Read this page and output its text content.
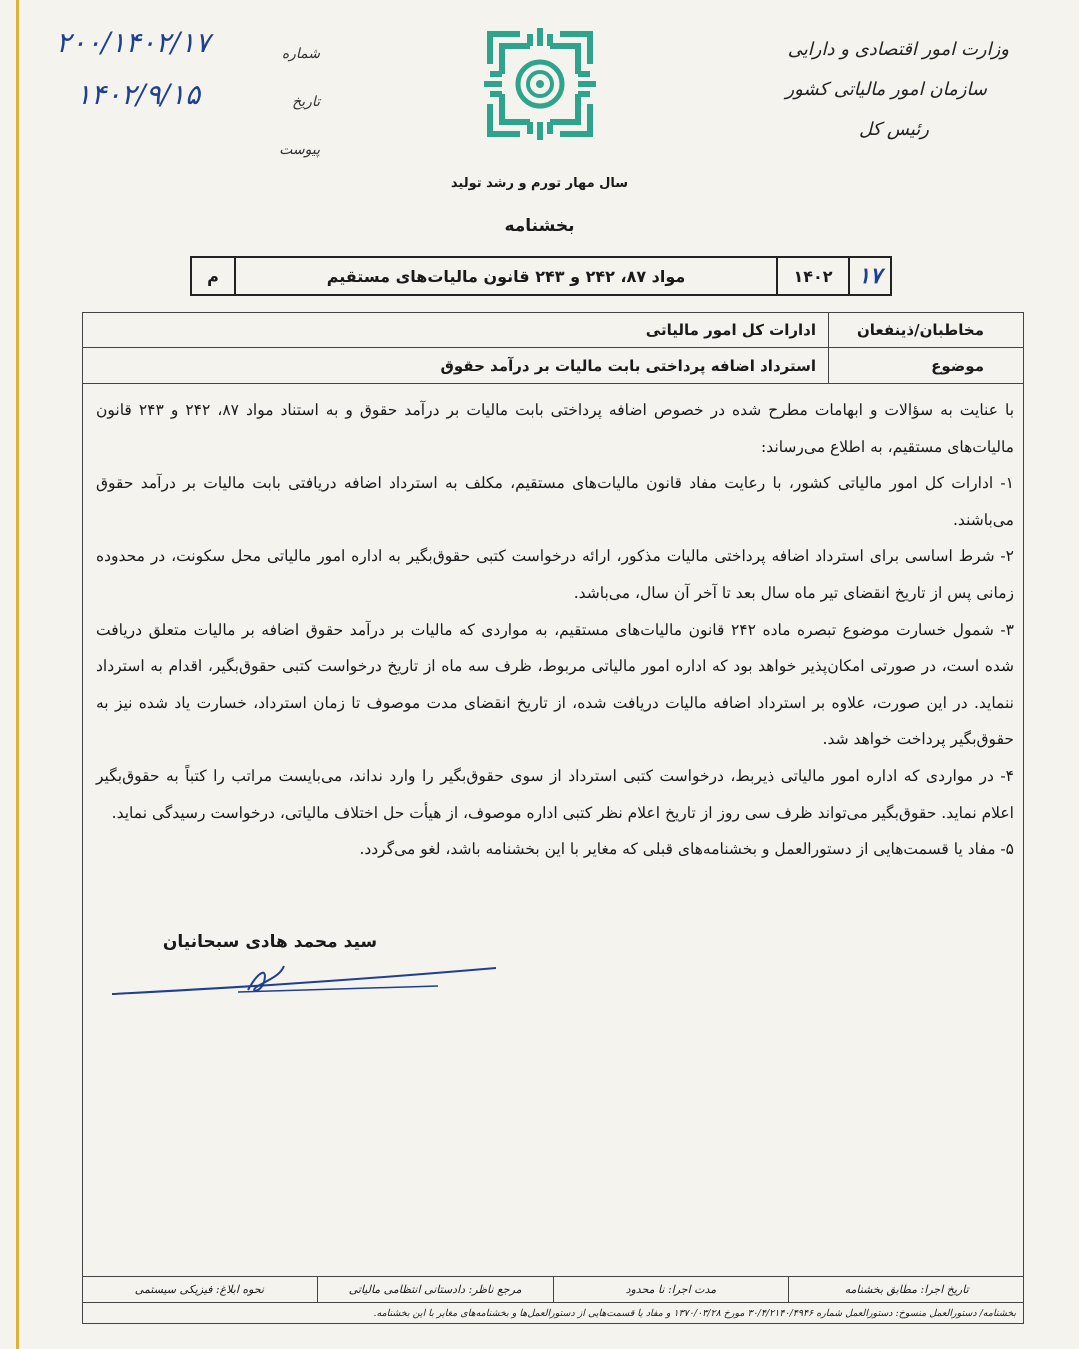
وزارت امور اقتصادی و دارایی
سازمان امور مالیاتی کشور
رئیس کل
شماره
تاریخ
پیوست
۲۰۰/۱۴۰۲/۱۷
۱۴۰۲/۹/۱۵
سال مهار تورم و رشد تولید
بخشنامه
۱۷
۱۴۰۲
مواد ۸۷، ۲۴۲ و ۲۴۳ قانون مالیات‌های مستقیم
م
مخاطبان/ذینفعان
ادارات کل امور مالیاتی
موضوع
استرداد اضافه پرداختی بابت مالیات بر درآمد حقوق

با عنایت به سؤالات و ابهامات مطرح شده در خصوص اضافه پرداختی بابت مالیات بر درآمد حقوق و به استناد مواد ۸۷، ۲۴۲ و ۲۴۳ قانون مالیات‌های مستقیم، به اطلاع می‌رساند:

۱- ادارات کل امور مالیاتی کشور، با رعایت مفاد قانون مالیات‌های مستقیم، مکلف به استرداد اضافه دریافتی بابت مالیات بر درآمد حقوق می‌باشند.

۲- شرط اساسی برای استرداد اضافه پرداختی مالیات مذکور، ارائه درخواست کتبی حقوق‌بگیر به اداره امور مالیاتی محل سکونت، در محدوده زمانی پس از تاریخ انقضای تیر ماه سال بعد تا آخر آن سال، می‌باشد.

۳- شمول خسارت موضوع تبصره ماده ۲۴۲ قانون مالیات‌های مستقیم، به مواردی که مالیات بر درآمد حقوق اضافه بر مالیات متعلق دریافت شده است، در صورتی امکان‌پذیر خواهد بود که اداره امور مالیاتی مربوط، ظرف سه ماه از تاریخ درخواست کتبی حقوق‌بگیر، اقدام به استرداد ننماید. در این صورت، علاوه بر استرداد اضافه مالیات دریافت شده، از تاریخ انقضای مدت موصوف تا زمان استرداد، خسارت یاد شده نیز به حقوق‌بگیر پرداخت خواهد شد.

۴- در مواردی که اداره امور مالیاتی ذیربط، درخواست کتبی استرداد از سوی حقوق‌بگیر را وارد نداند، می‌بایست مراتب را کتباً به حقوق‌بگیر اعلام نماید. حقوق‌بگیر می‌تواند ظرف سی روز از تاریخ اعلام نظر کتبی اداره موصوف، از هیأت حل اختلاف مالیاتی، درخواست رسیدگی نماید.

۵- مفاد یا قسمت‌هایی از دستورالعمل و بخشنامه‌های قبلی که مغایر با این بخشنامه باشد، لغو می‌گردد.

سید محمد هادی سبحانیان
تاریخ اجرا: مطابق بخشنامه
مدت اجرا: نا محدود
مرجع ناظر: دادستانی انتظامی مالیاتی
نحوه ابلاغ: فیزیکی سیستمی
بخشنامه/ دستورالعمل منسوخ: دستورالعمل شماره ۳۰/۴/۲۱۴۰/۴۹۴۶ مورخ ۱۳۷۰/۰۳/۲۸ و مفاد یا قسمت‌هایی از دستورالعمل‌ها و بخشنامه‌های مغایر با این بخشنامه.
